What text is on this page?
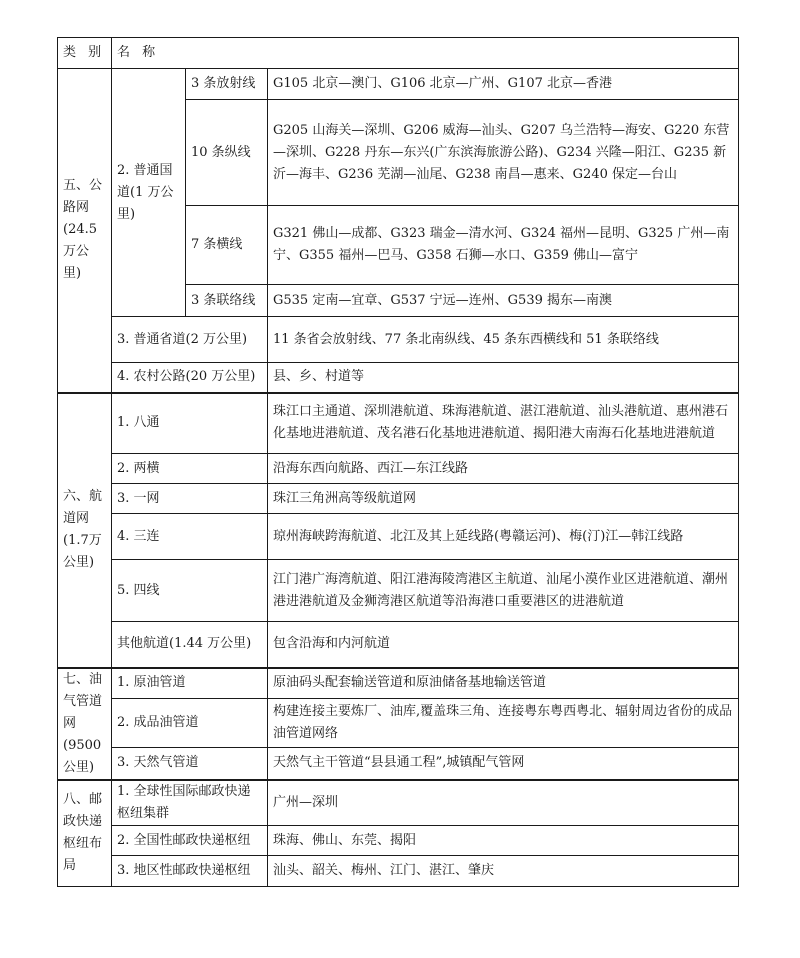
类 别	名 称		
五、公路网(24.5万公里)	2. 普通国道(1 万公里)	3 条放射线	G105 北京—澳门、G106 北京—广州、G107 北京—香港
		10 条纵线	G205 山海关—深圳、G206 威海—汕头、G207 乌兰浩特—海安、G220 东营—深圳、G228 丹东—东兴(广东滨海旅游公路)、G234 兴隆—阳江、G235 新沂—海丰、G236 芜湖—汕尾、G238 南昌—惠来、G240 保定—台山
		7 条横线	G321 佛山—成都、G323 瑞金—清水河、G324 福州—昆明、G325 广州—南宁、G355 福州—巴马、G358 石狮—水口、G359 佛山—富宁
		3 条联络线	G535 定南—宜章、G537 宁远—连州、G539 揭东—南澳
	3. 普通省道(2 万公里)		11 条省会放射线、77 条北南纵线、45 条东西横线和 51 条联络线
	4. 农村公路(20 万公里)		县、乡、村道等
六、航道网(1.7万公里)	1. 八通		珠江口主通道、深圳港航道、珠海港航道、湛江港航道、汕头港航道、惠州港石化基地进港航道、茂名港石化基地进港航道、揭阳港大南海石化基地进港航道
	2. 两横		沿海东西向航路、西江—东江线路
	3. 一网		珠江三角洲高等级航道网
	4. 三连		琼州海峡跨海航道、北江及其上延线路(粤赣运河)、梅(汀)江—韩江线路
	5. 四线		江门港广海湾航道、阳江港海陵湾港区主航道、汕尾小漠作业区进港航道、潮州港进港航道及金狮湾港区航道等沿海港口重要港区的进港航道
	其他航道(1.44 万公里)		包含沿海和内河航道
七、油气管道网(9500公里)	1. 原油管道		原油码头配套输送管道和原油储备基地输送管道
	2. 成品油管道		构建连接主要炼厂、油库,覆盖珠三角、连接粤东粤西粤北、辐射周边省份的成品油管道网络
	3. 天然气管道		天然气主干管道“县县通工程”,城镇配气管网
八、邮政快递枢纽布局	1. 全球性国际邮政快递枢纽集群		广州—深圳
	2. 全国性邮政快递枢纽		珠海、佛山、东莞、揭阳
	3. 地区性邮政快递枢纽		汕头、韶关、梅州、江门、湛江、肇庆
